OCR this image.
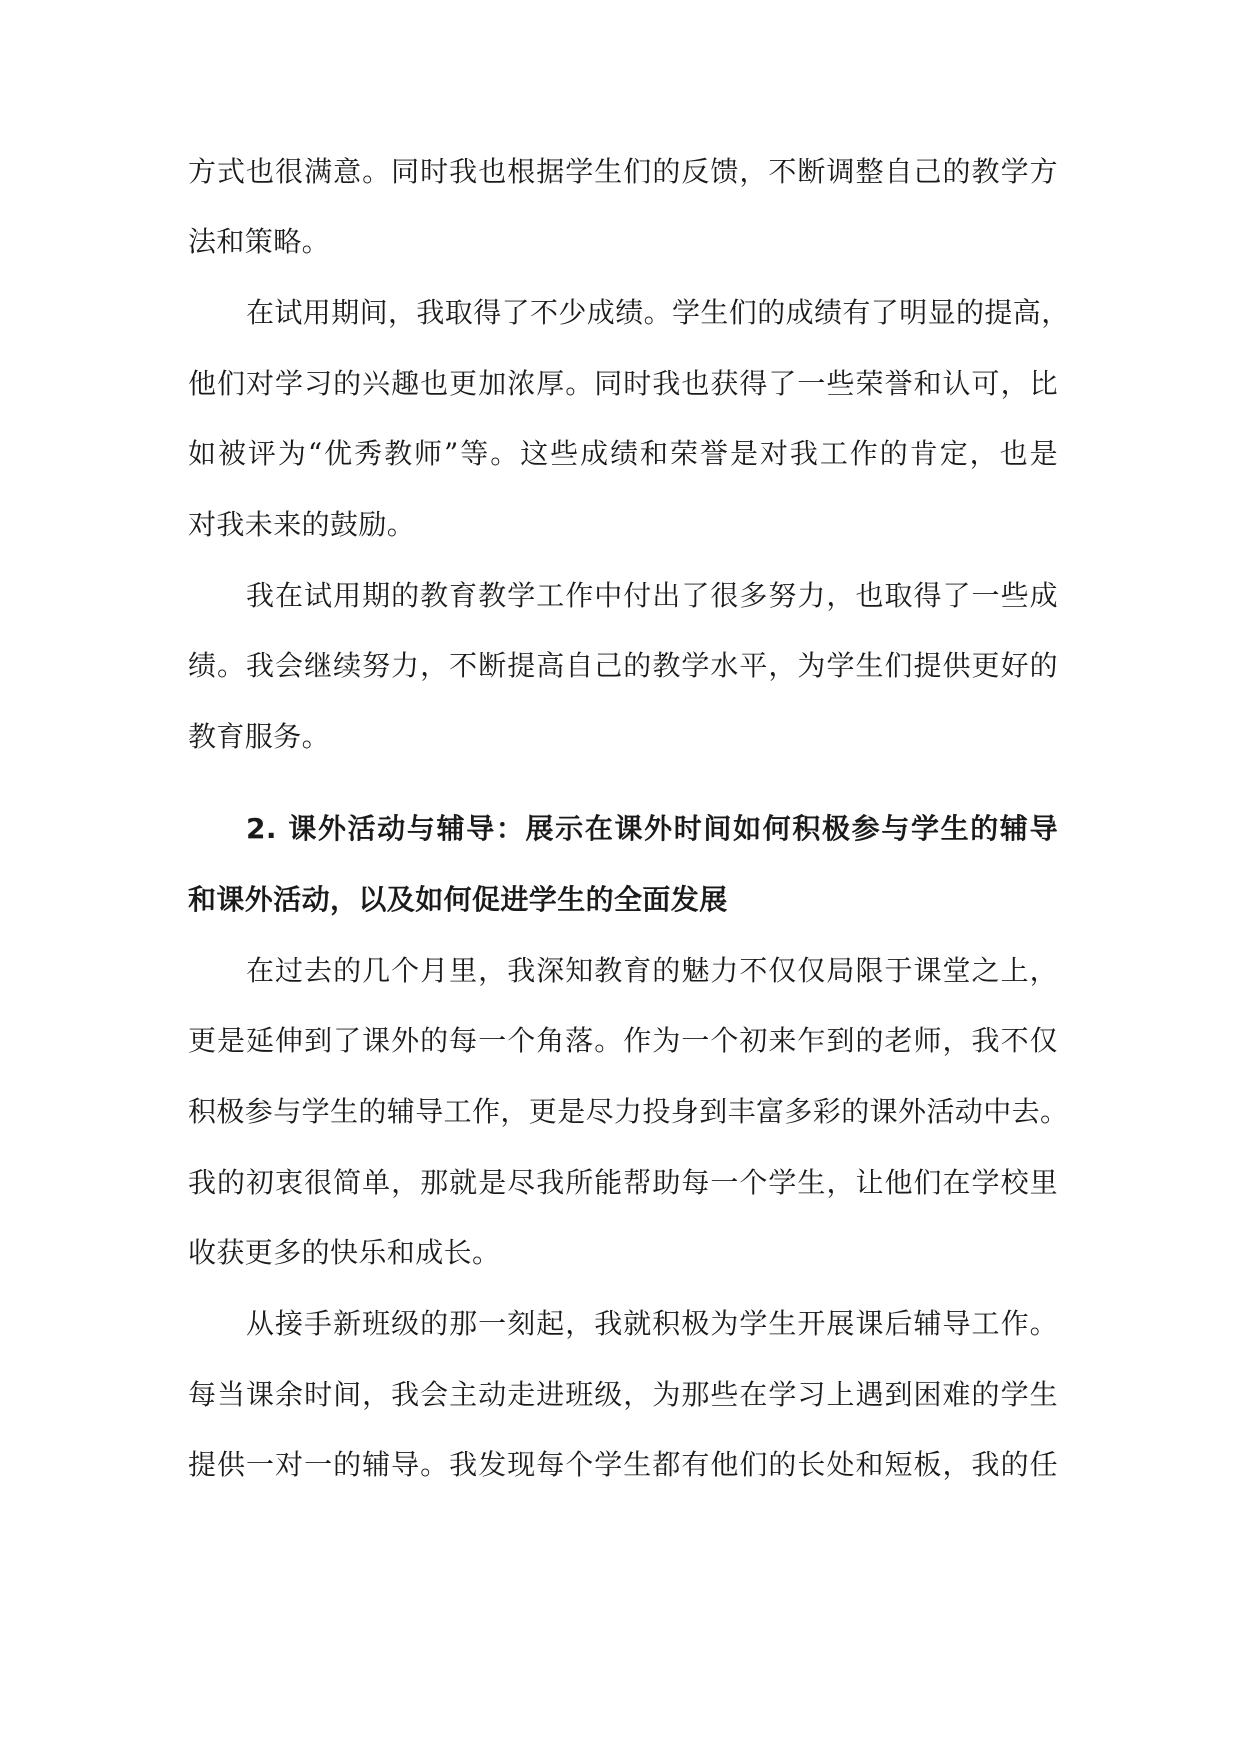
方式也很满意。同时我也根据学生们的反馈，不断调整自己的教学方
法和策略。
在试用期间，我取得了不少成绩。学生们的成绩有了明显的提高，
他们对学习的兴趣也更加浓厚。同时我也获得了一些荣誉和认可，比
如被评为“优秀教师”等。这些成绩和荣誉是对我工作的肯定，也是
对我未来的鼓励。
我在试用期的教育教学工作中付出了很多努力，也取得了一些成
绩。我会继续努力，不断提高自己的教学水平，为学生们提供更好的
教育服务。
2. 课外活动与辅导：展示在课外时间如何积极参与学生的辅导
和课外活动，以及如何促进学生的全面发展
在过去的几个月里，我深知教育的魅力不仅仅局限于课堂之上，
更是延伸到了课外的每一个角落。作为一个初来乍到的老师，我不仅
积极参与学生的辅导工作，更是尽力投身到丰富多彩的课外活动中去。
我的初衷很简单，那就是尽我所能帮助每一个学生，让他们在学校里
收获更多的快乐和成长。
从接手新班级的那一刻起，我就积极为学生开展课后辅导工作。
每当课余时间，我会主动走进班级，为那些在学习上遇到困难的学生
提供一对一的辅导。我发现每个学生都有他们的长处和短板，我的任
